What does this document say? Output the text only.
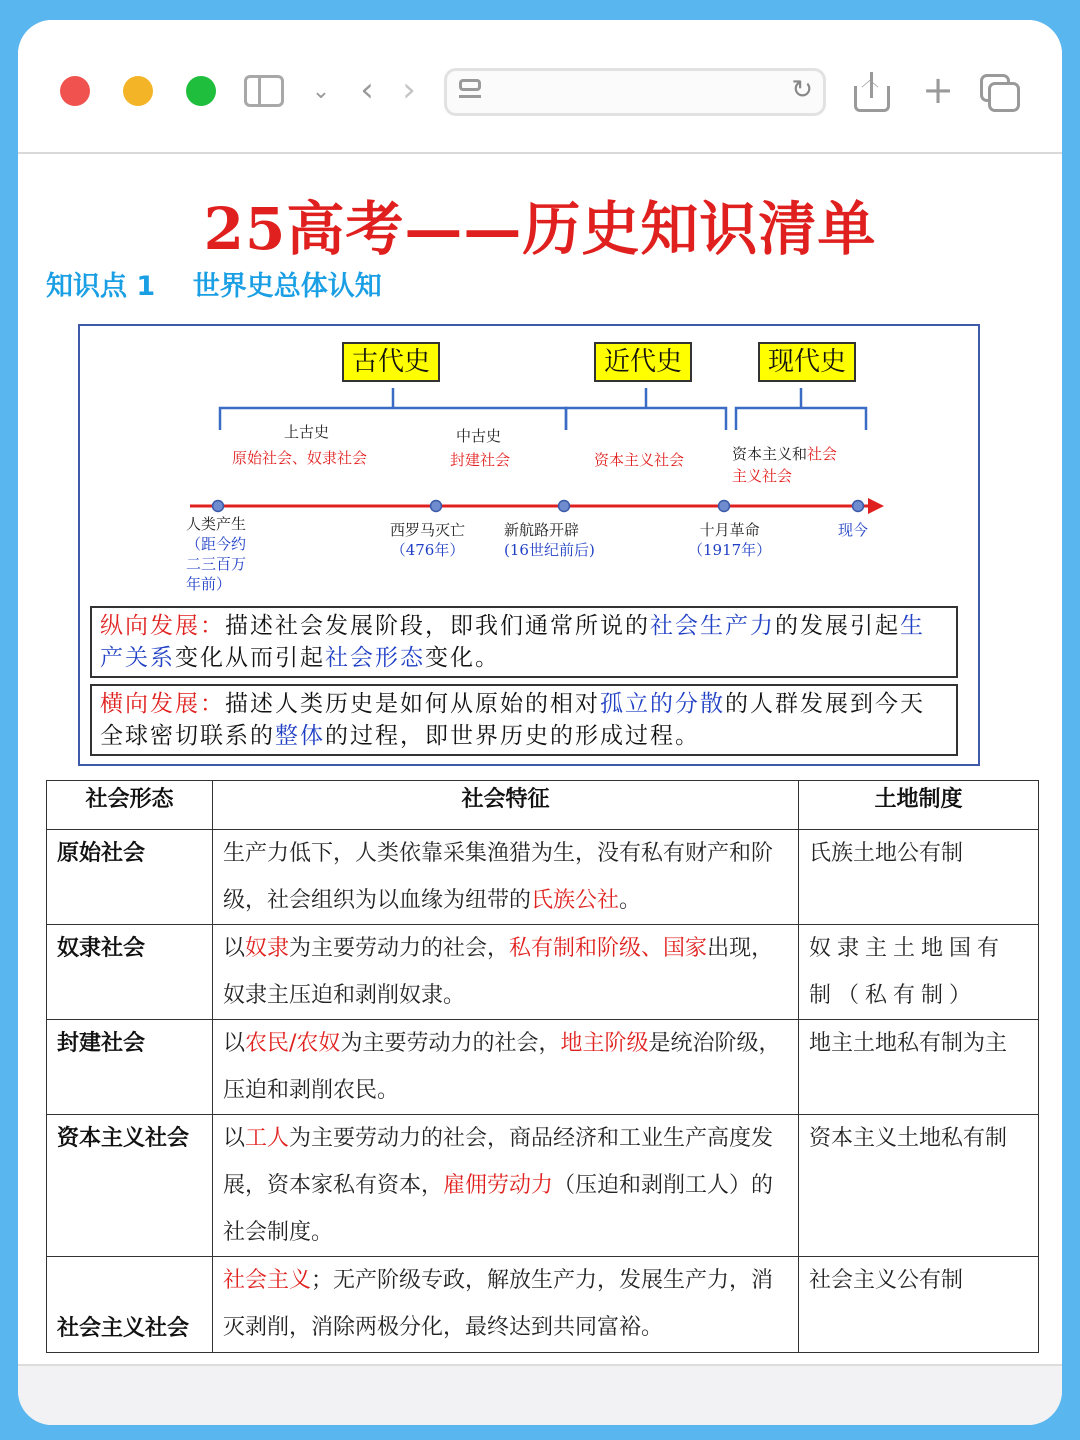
⌄ ‹ ›	↻	︿ +
25高考——历史知识清单
知识点 1    世界史总体认知
古代史	近代史	现代史
上古史
原始社会、奴隶社会
中古史
封建社会	资本主义社会	资本主义和社会
主义社会
人类产生
（距今约
二三百万
年前）
西罗马灭亡
（476年）
新航路开辟
(16世纪前后)
十月革命
（1917年）
现今
纵向发展：描述社会发展阶段，即我们通常所说的社会生产力的发展引起生产关系变化从而引起社会形态变化。
横向发展：描述人类历史是如何从原始的相对孤立的分散的人群发展到今天全球密切联系的整体的过程，即世界历史的形成过程。
社会形态	社会特征	土地制度
原始社会	生产力低下，人类依靠采集渔猎为生，没有私有财产和阶级，社会组织为以血缘为纽带的氏族公社。	氏族土地公有制
奴隶社会	以奴隶为主要劳动力的社会，私有制和阶级、国家出现，奴隶主压迫和剥削奴隶。	奴隶主土地国有制（私有制）
封建社会	以农民/农奴为主要劳动力的社会，地主阶级是统治阶级，压迫和剥削农民。	地主土地私有制为主
资本主义社会	以工人为主要劳动力的社会，商品经济和工业生产高度发展，资本家私有资本，雇佣劳动力（压迫和剥削工人）的社会制度。	资本主义土地私有制
社会主义社会	社会主义；无产阶级专政，解放生产力，发展生产力，消灭剥削，消除两极分化，最终达到共同富裕。	社会主义公有制
